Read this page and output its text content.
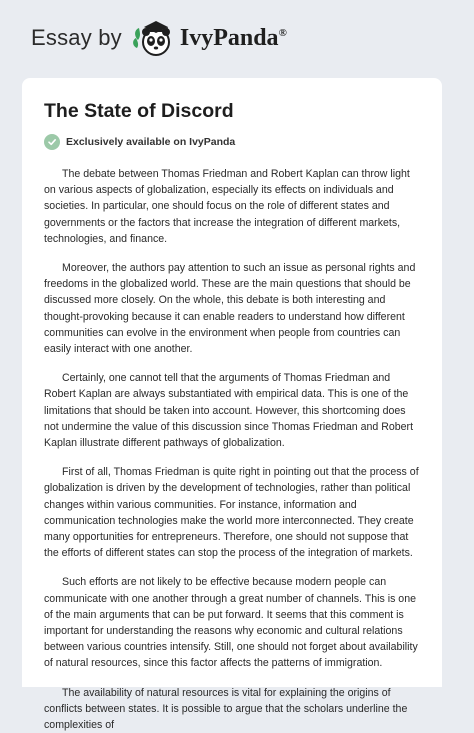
Essay by IvyPanda®
The State of Discord
Exclusively available on IvyPanda

The debate between Thomas Friedman and Robert Kaplan can throw light on various aspects of globalization, especially its effects on individuals and societies. In particular, one should focus on the role of different states and governments or the factors that increase the integration of different markets, technologies, and finance.

Moreover, the authors pay attention to such an issue as personal rights and freedoms in the globalized world. These are the main questions that should be discussed more closely. On the whole, this debate is both interesting and thought-provoking because it can enable readers to understand how different communities can evolve in the environment when people from countries can easily interact with one another.

Certainly, one cannot tell that the arguments of Thomas Friedman and Robert Kaplan are always substantiated with empirical data. This is one of the limitations that should be taken into account. However, this shortcoming does not undermine the value of this discussion since Thomas Friedman and Robert Kaplan illustrate different pathways of globalization.

First of all, Thomas Friedman is quite right in pointing out that the process of globalization is driven by the development of technologies, rather than political changes within various communities. For instance, information and communication technologies make the world more interconnected. They create many opportunities for entrepreneurs. Therefore, one should not suppose that the efforts of different states can stop the process of the integration of markets.

Such efforts are not likely to be effective because modern people can communicate with one another through a great number of channels. This is one of the main arguments that can be put forward. It seems that this comment is important for understanding the reasons why economic and cultural relations between various countries intensify. Still, one should not forget about availability of natural resources, since this factor affects the patterns of immigration.

The availability of natural resources is vital for explaining the origins of conflicts between states. It is possible to argue that the scholars underline the complexities of
